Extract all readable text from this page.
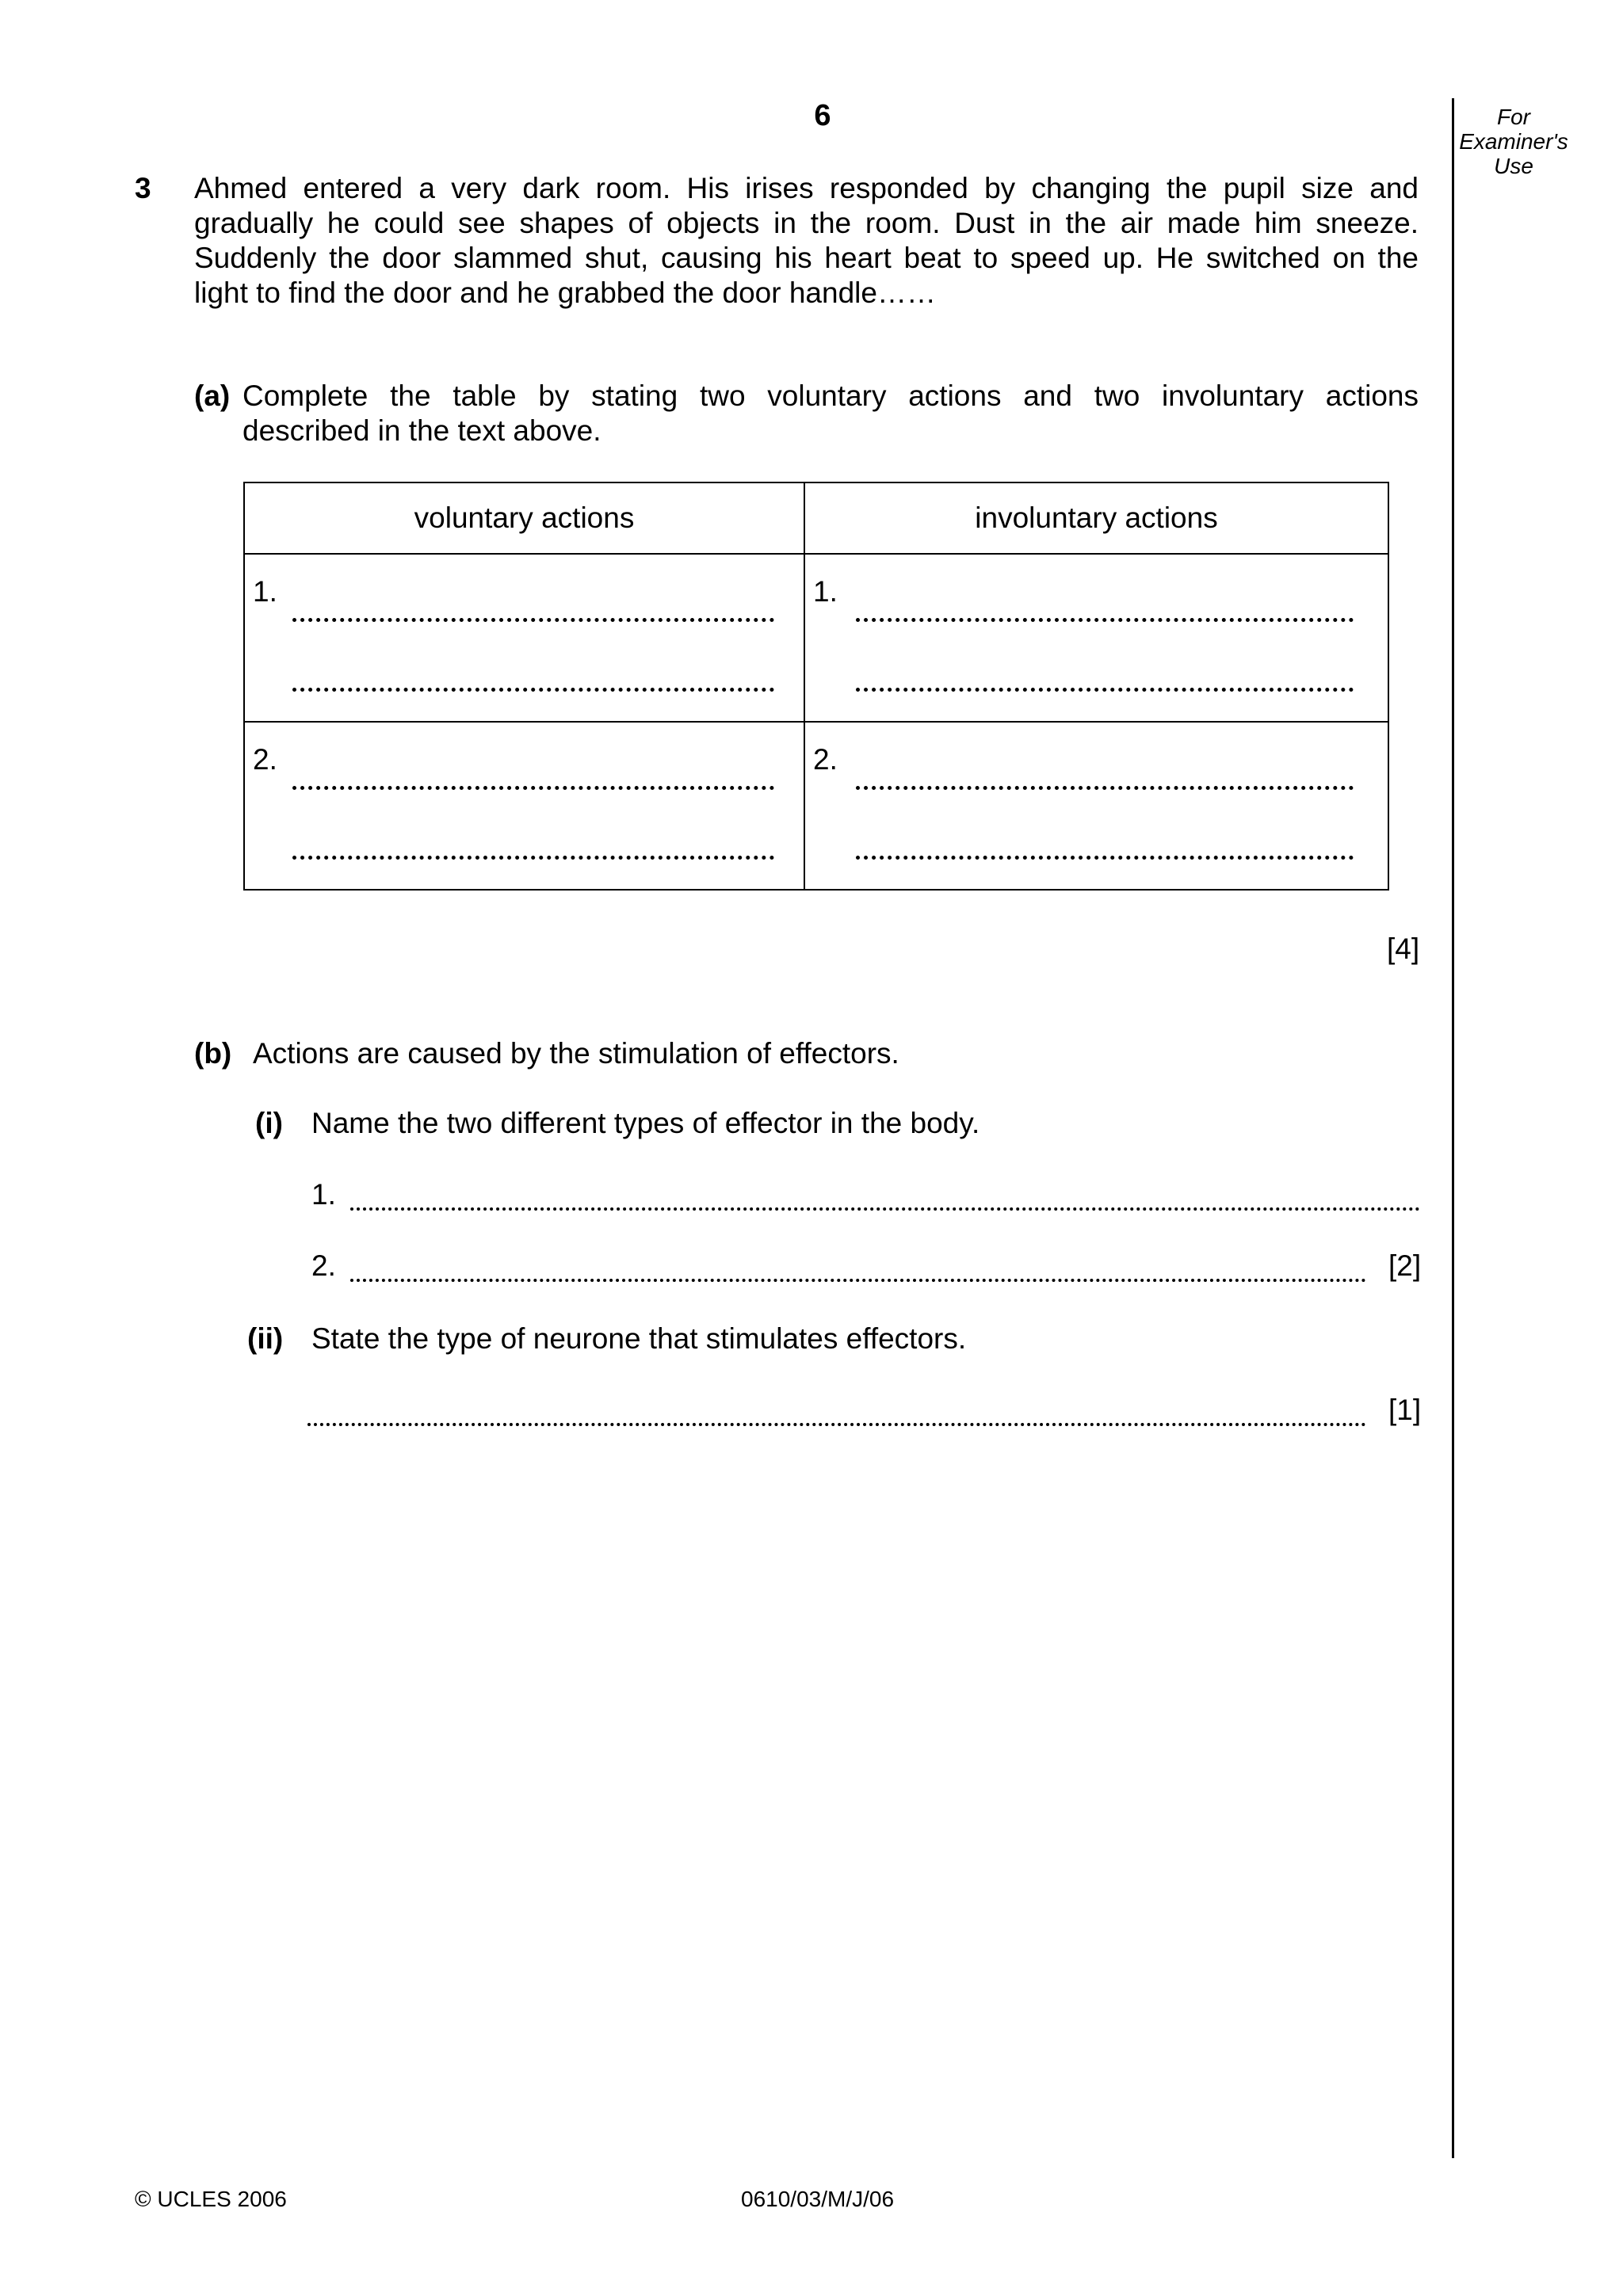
6	For
Examiner's
Use
3 Ahmed entered a very dark room. His irises responded by changing the pupil size and
gradually he could see shapes of objects in the room. Dust in the air made him sneeze.
Suddenly the door slammed shut, causing his heart beat to speed up. He switched on the
light to find the door and he grabbed the door handle……
(a) Complete the table by stating two voluntary actions and two involuntary actions
described in the text above.
voluntary actions	involuntary actions

1.	1.

2.	2.
[4]
(b) Actions are caused by the stimulation of effectors.
(i) Name the two different types of effector in the body.
1.
2.	[2]
(ii) State the type of neurone that stimulates effectors.
[1]
© UCLES 2006	0610/03/M/J/06
